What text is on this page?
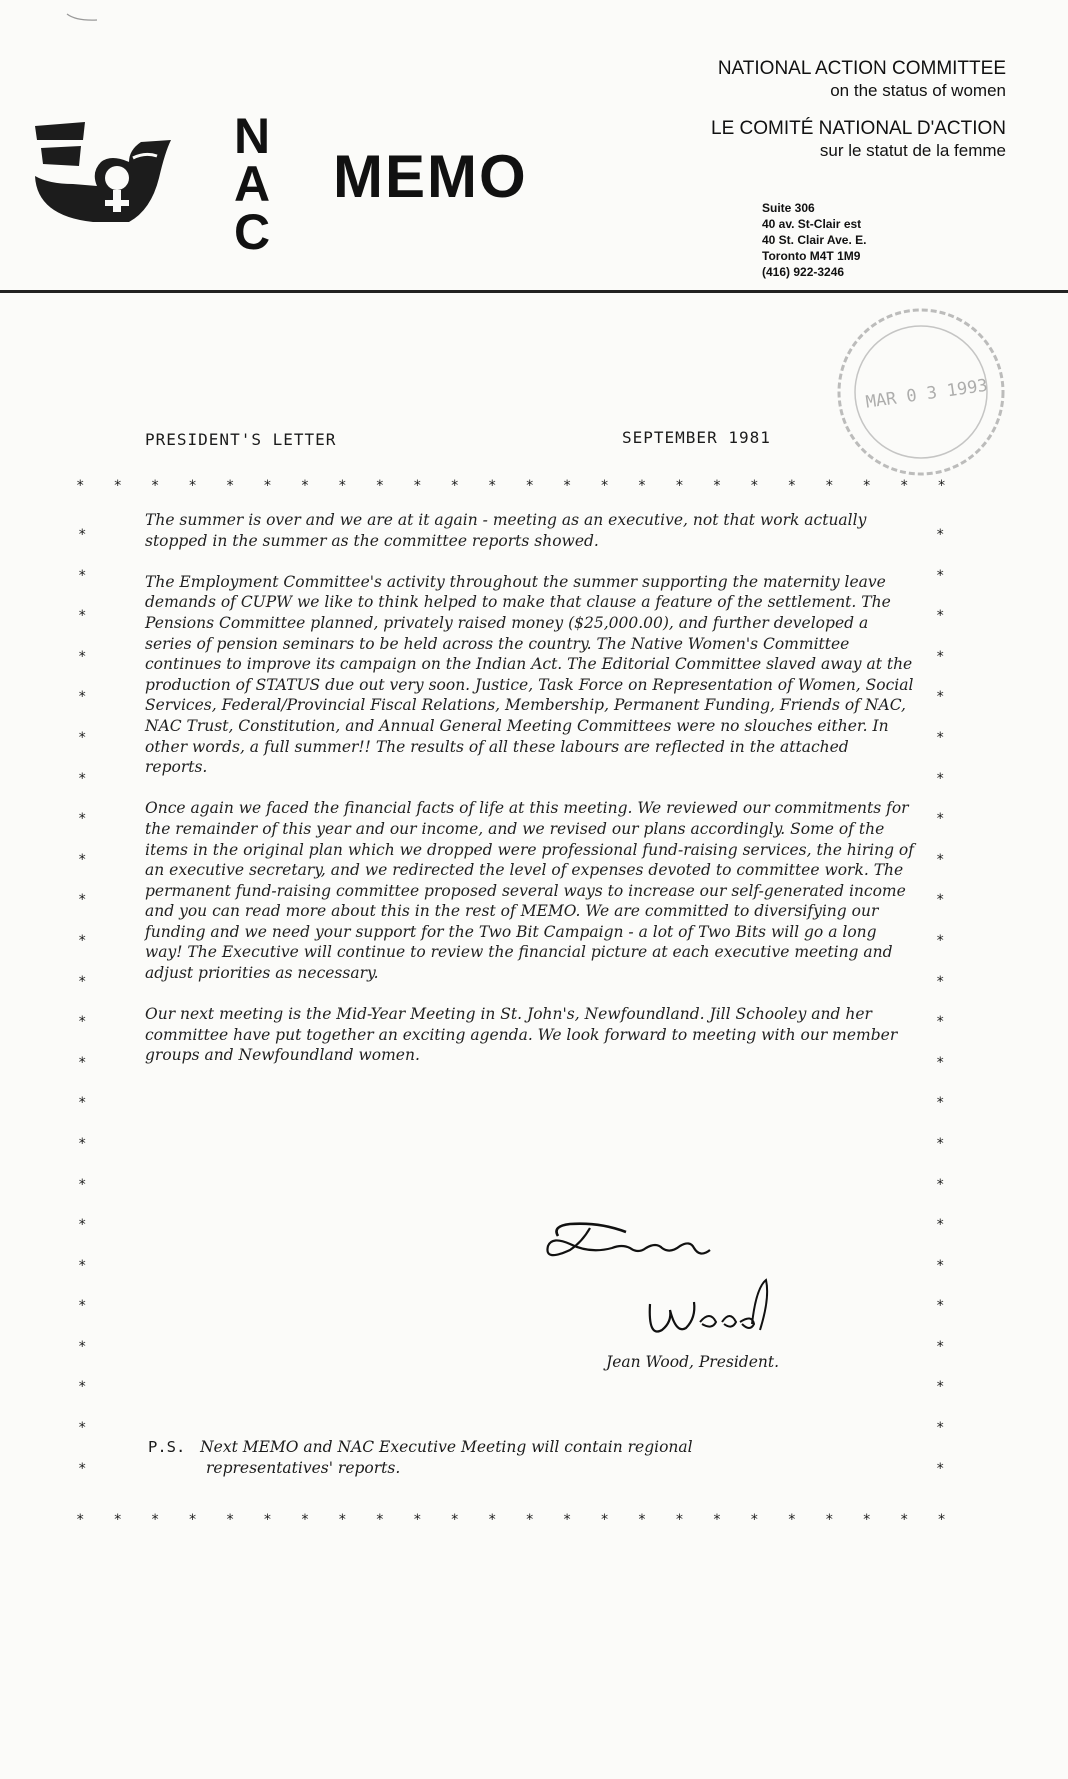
N
A
C
MEMO
NATIONAL ACTION COMMITTEE
on the status of women
LE COMITÉ NATIONAL D'ACTION
sur le statut de la femme
Suite 306
40 av. St-Clair est
40 St. Clair Ave. E.
Toronto M4T 1M9
(416) 922-3246
MAR 0 3 1993
PRESIDENT'S LETTER	SEPTEMBER 1981
* * * * * * * * * * * * * * * * * * * * * * * *
* * * * * * * * * * * * * * * * * * * * * * * *
*
*
*
*
*
*
*
*
*
*
*
*
*
*
*
*
*
*
*
*
*
*
*
*
*
*
*
*
*
*
*
*
*
*
*
*
*
*
*
*
*
*
*
*
*
*
*
*

The summer is over and we are at it again - meeting as an executive, not that work actually stopped in the summer as the committee reports showed.

The Employment Committee's activity throughout the summer supporting the maternity leave demands of CUPW we like to think helped to make that clause a feature of the settlement. The Pensions Committee planned, privately raised money ($25,000.00), and further developed a series of pension seminars to be held across the country. The Native Women's Committee continues to improve its campaign on the Indian Act. The Editorial Committee slaved away at the production of STATUS due out very soon. Justice, Task Force on Representation of Women, Social Services, Federal/Provincial Fiscal Relations, Membership, Permanent Funding, Friends of NAC, NAC Trust, Constitution, and Annual General Meeting Committees were no slouches either. In other words, a full summer!! The results of all these labours are reflected in the attached reports.

Once again we faced the financial facts of life at this meeting. We reviewed our commitments for the remainder of this year and our income, and we revised our plans accordingly. Some of the items in the original plan which we dropped were professional fund-raising services, the hiring of an executive secretary, and we redirected the level of expenses devoted to committee work. The permanent fund-raising committee proposed several ways to increase our self-generated income and you can read more about this in the rest of MEMO. We are committed to diversifying our funding and we need your support for the Two Bit Campaign - a lot of Two Bits will go a long way! The Executive will continue to review the financial picture at each executive meeting and adjust priorities as necessary.

Our next meeting is the Mid-Year Meeting in St. John's, Newfoundland. Jill Schooley and her committee have put together an exciting agenda. We look forward to meeting with our member groups and Newfoundland women.

Jean Wood, President.
P.S. Next MEMO and NAC Executive Meeting will contain regional
representatives' reports.
